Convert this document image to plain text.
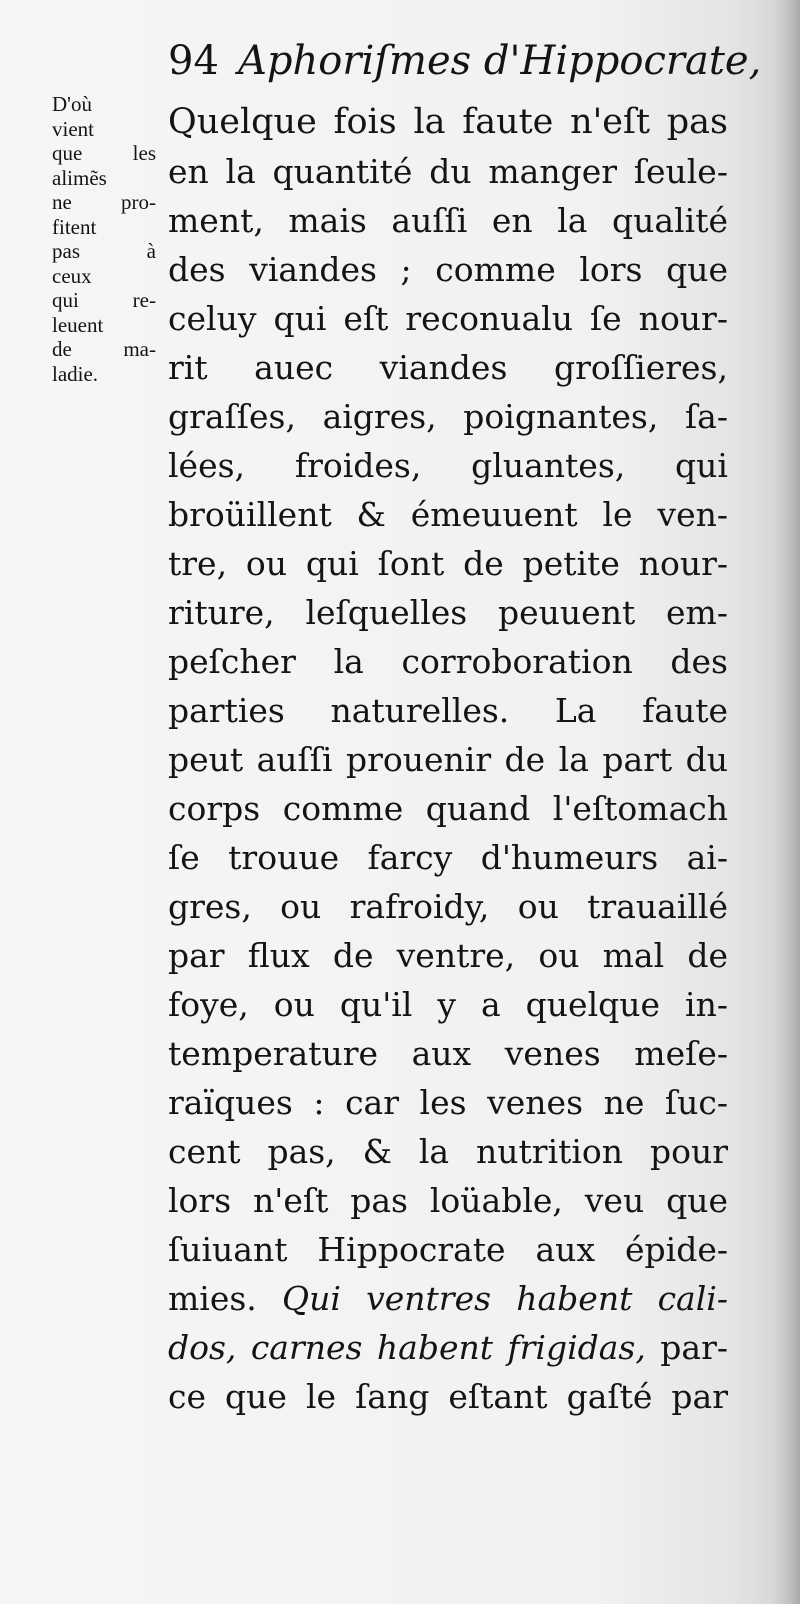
94 Aphoriſmes d'Hippocrate,
D'où
vient
que les
alimẽs
ne pro-
fitent
pas à
ceux
qui re-
leuent
de ma-
ladie.
Quelque fois la faute n'eſt pas
en la quantité du manger ſeule-
ment, mais auſſi en la qualité
des viandes ; comme lors que
celuy qui eſt reconualu ſe nour-
rit auec viandes groſſieres,
graſſes, aigres, poignantes, ſa-
lées, froides, gluantes, qui
broüillent & émeuuent le ven-
tre, ou qui ſont de petite nour-
riture, leſquelles peuuent em-
peſcher la corroboration des
parties naturelles. La faute
peut auſſi prouenir de la part du
corps comme quand l'eſtomach
ſe trouue farcy d'humeurs ai-
gres, ou rafroidy, ou trauaillé
par flux de ventre, ou mal de
foye, ou qu'il y a quelque in-
temperature aux venes meſe-
raïques : car les venes ne ſuc-
cent pas, & la nutrition pour
lors n'eſt pas loüable, veu que
ſuiuant Hippocrate aux épide-
mies. Qui ventres habent cali-
dos, carnes habent frigidas, par-
ce que le ſang eſtant gaſté par
